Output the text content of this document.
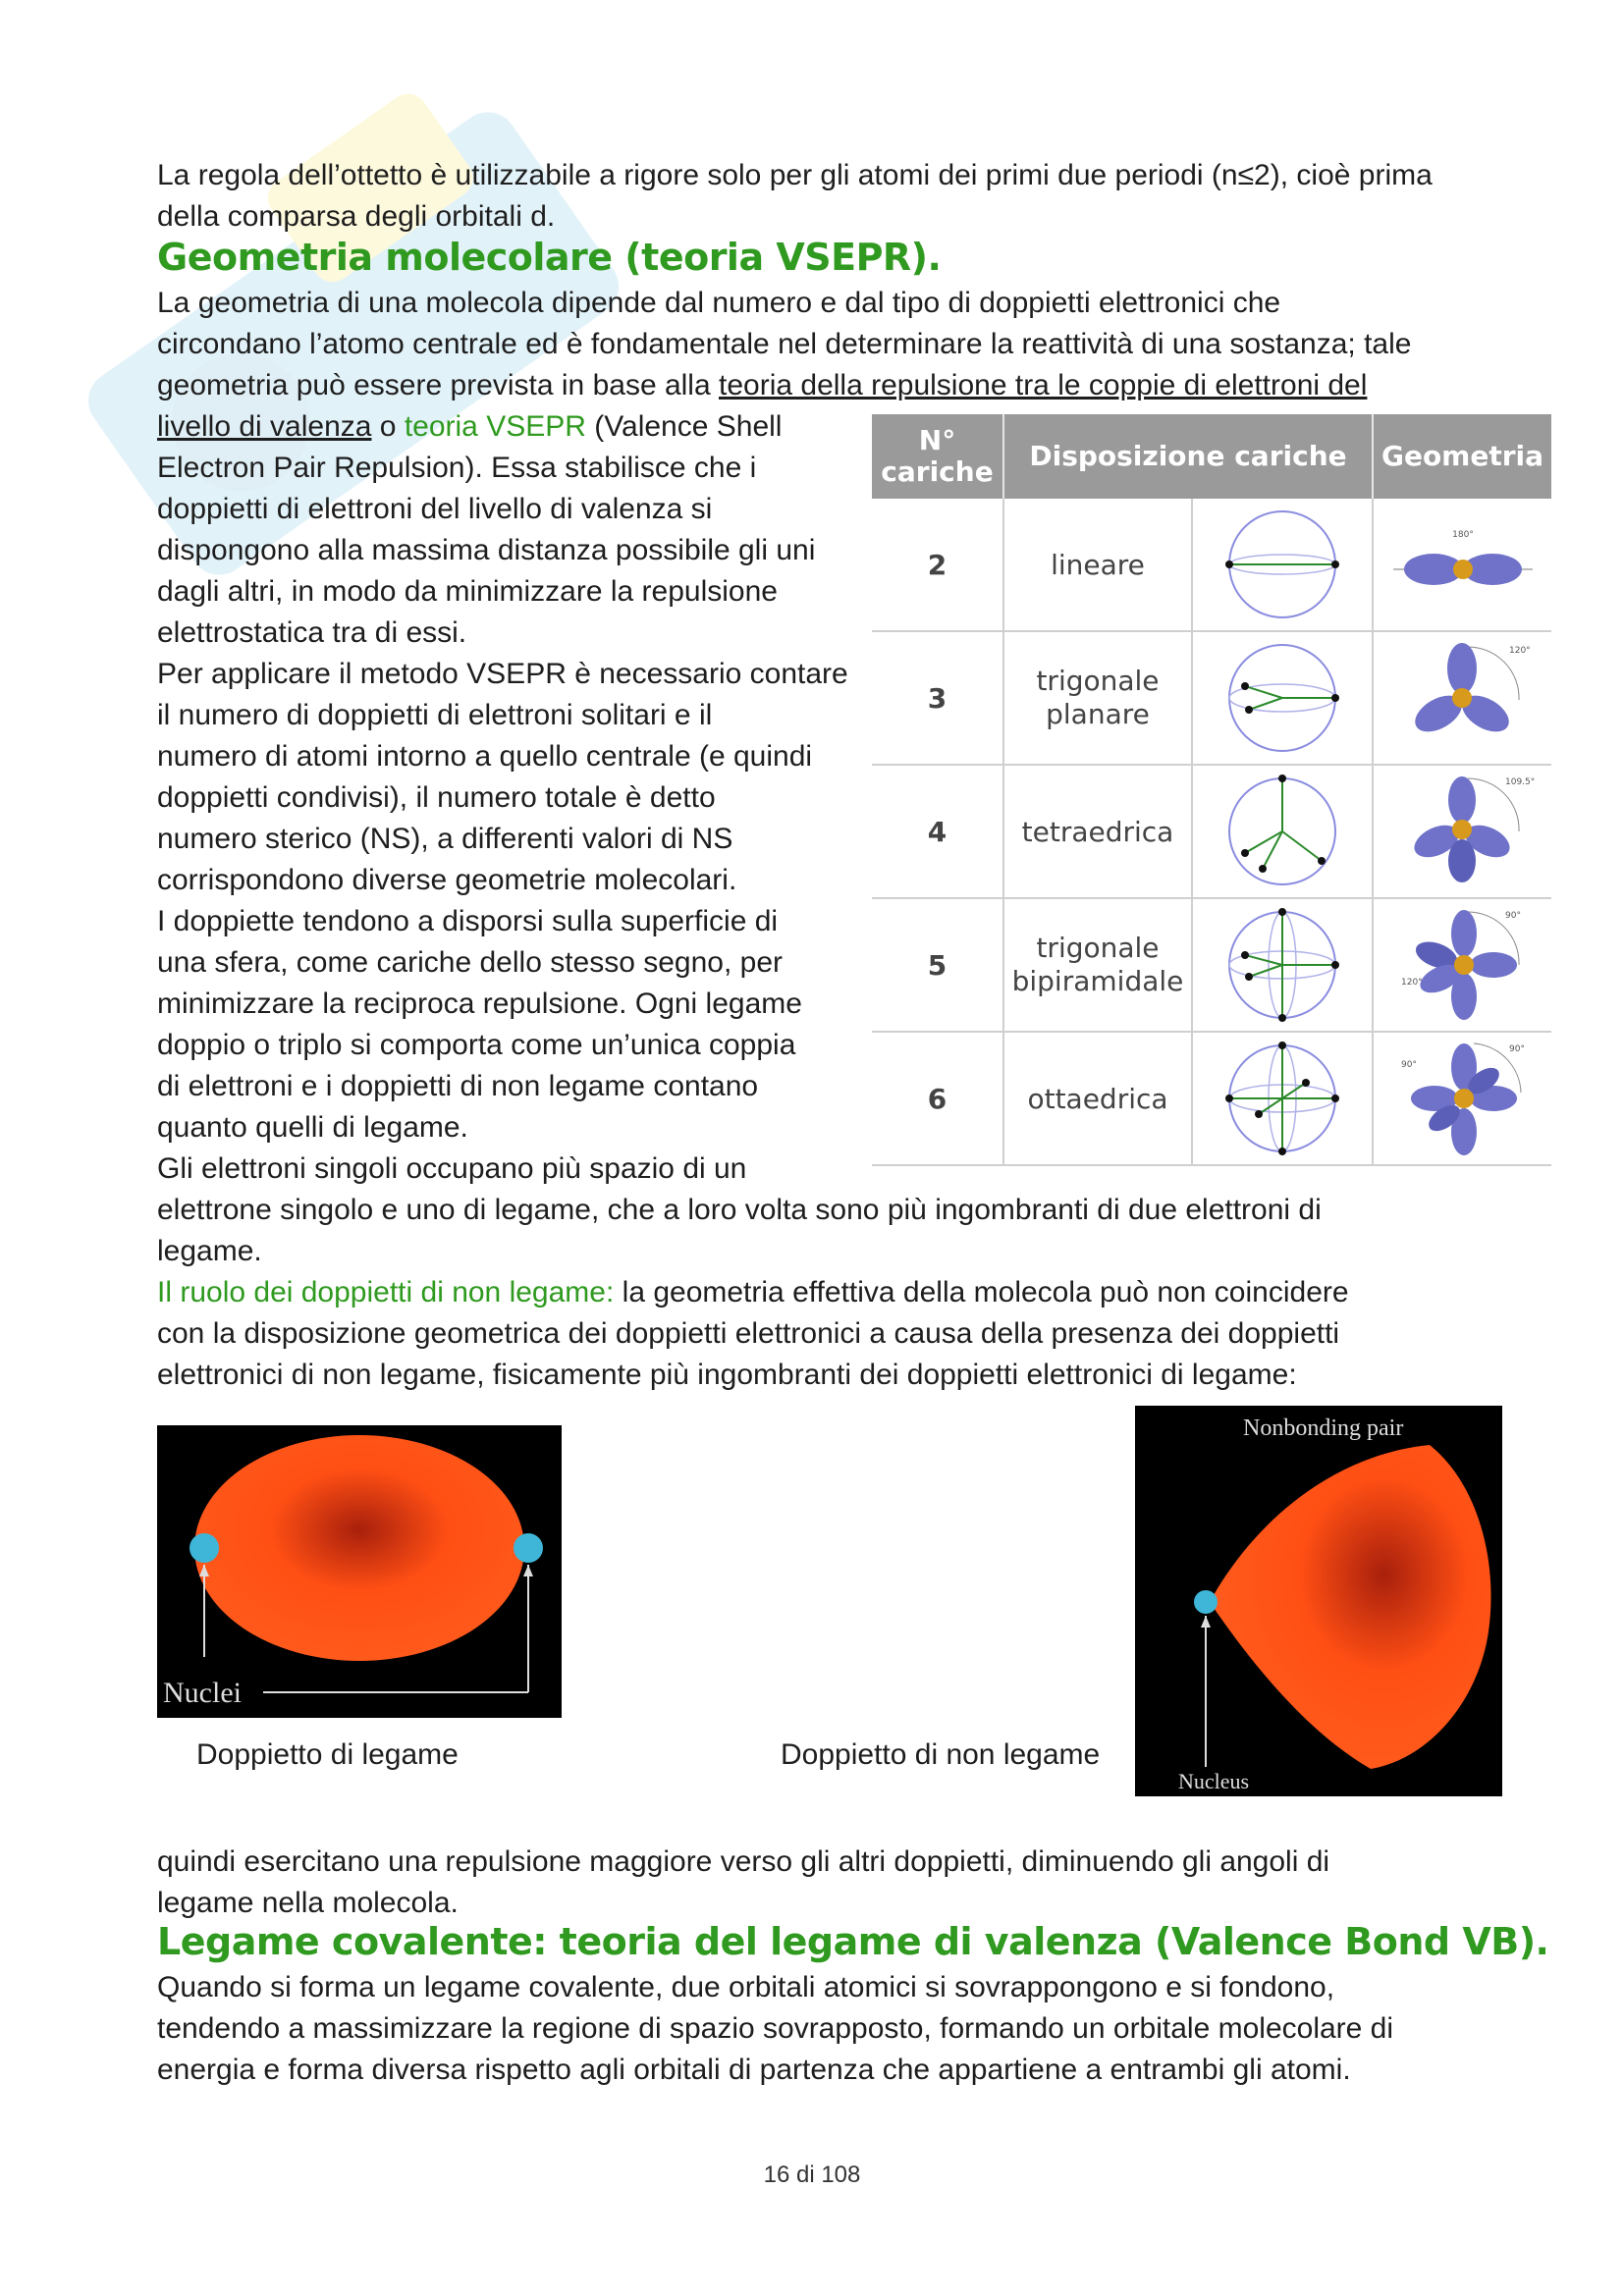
La regola dell’ottetto è utilizzabile a rigore solo per gli atomi dei primi due periodi (n≤2), cioè prima della comparsa degli orbitali d.

Geometria molecolare (teoria VSEPR).
La geometria di una molecola dipende dal numero e dal tipo di doppietti elettronici che
circondano l’atomo centrale ed è fondamentale nel determinare la reattività di una sostanza; tale
geometria può essere prevista in base alla teoria della repulsione tra le coppie di elettroni del
livello di valenza o teoria VSEPR (Valence Shell
Electron Pair Repulsion). Essa stabilisce che i
doppietti di elettroni del livello di valenza si
dispongono alla massima distanza possibile gli uni
dagli altri, in modo da minimizzare la repulsione
elettrostatica tra di essi.
Per applicare il metodo VSEPR è necessario contare
il numero di doppietti di elettroni solitari e il
numero di atomi intorno a quello centrale (e quindi
doppietti condivisi), il numero totale è detto
numero sterico (NS), a differenti valori di NS
corrispondono diverse geometrie molecolari.
I doppiette tendono a disporsi sulla superficie di
una sfera, come cariche dello stesso segno, per
minimizzare la reciproca repulsione. Ogni legame
doppio o triplo si comporta come un’unica coppia
di elettroni e i doppietti di non legame contano
quanto quelli di legame.
Gli elettroni singoli occupano più spazio di un
elettrone singolo e uno di legame, che a loro volta sono più ingombranti di due elettroni di
legame.
Il ruolo dei doppietti di non legame: la geometria effettiva della molecola può non coincidere
con la disposizione geometrica dei doppietti elettronici a causa della presenza dei doppietti
elettronici di non legame, fisicamente più ingombranti dei doppietti elettronici di legame:
N° cariche	Disposizione cariche		Geometria
2	lineare		180°

3	trigonale planare		120°

4	tetraedrica		109.5°

5	trigonale bipiramidale		90°
120°

6	ottaedrica		90°
90°
Nuclei
Doppietto di legame
Nonbonding pair
Nucleus
Doppietto di non legame
quindi esercitano una repulsione maggiore verso gli altri doppietti, diminuendo gli angoli di
legame nella molecola.
Legame covalente: teoria del legame di valenza (Valence Bond VB).
Quando si forma un legame covalente, due orbitali atomici si sovrappongono e si fondono,
tendendo a massimizzare la regione di spazio sovrapposto, formando un orbitale molecolare di
energia e forma diversa rispetto agli orbitali di partenza che appartiene a entrambi gli atomi.
16 di 108
